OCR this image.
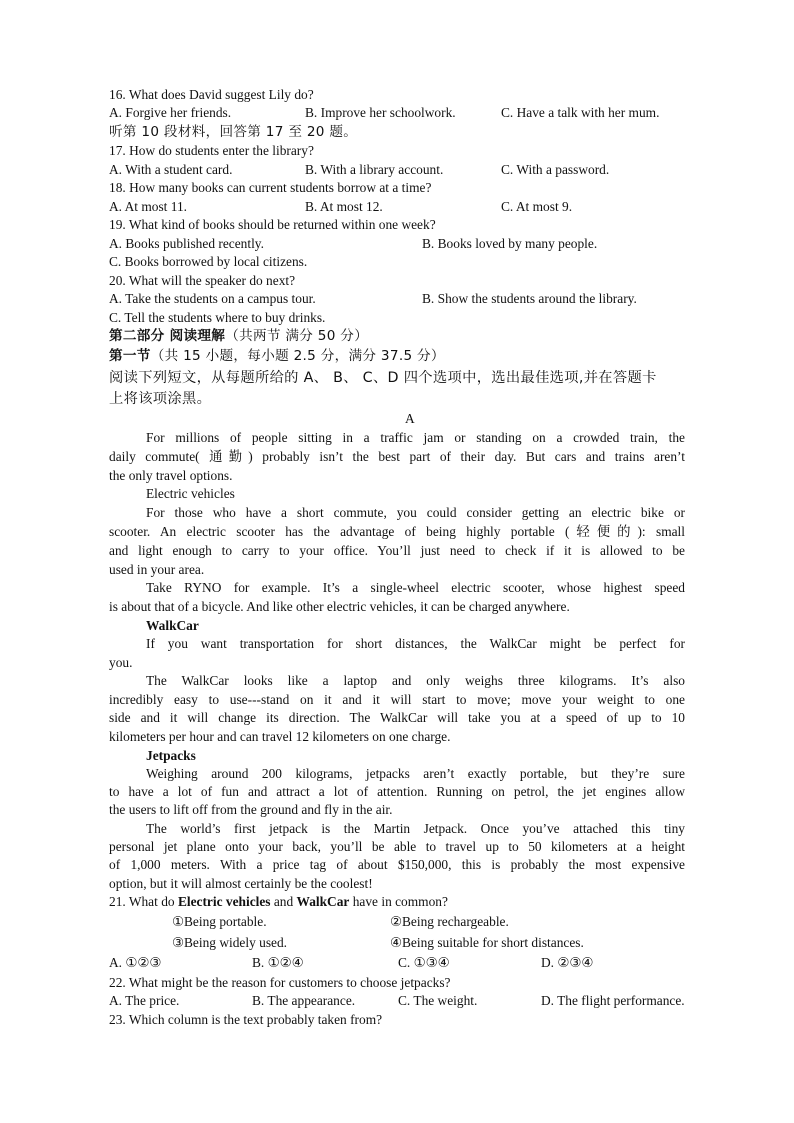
16. What does David suggest Lily do?
A. Forgive her friends.	B. Improve her schoolwork.	C. Have a talk with her mum.
听第 10 段材料，回答第 17 至 20 题。
17. How do students enter the library?
A. With a student card.	B. With a library account.	C. With a password.
18. How many books can current students borrow at a time?
A. At most 11.	B. At most 12.	C. At most 9.
19. What kind of books should be returned within one week?
A. Books published recently.	B. Books loved by many people.
C. Books borrowed by local citizens.
20. What will the speaker do next?
A. Take the students on a campus tour.	B. Show the students around the library.
C. Tell the students where to buy drinks.
第二部分 阅读理解（共两节 满分 50 分）
第一节（共 15 小题，每小题 2.5 分，满分 37.5 分）
阅读下列短文，从每题所给的 A、 B、 C、D 四个选项中，选出最佳选项,并在答题卡
上将该项涂黑。
A
For millions of people sitting in a traffic jam or standing on a crowded train, the
daily commute( 通勤) probably isn’t the best part of their day. But cars and trains aren’t
the only travel options.
Electric vehicles
For those who have a short commute, you could consider getting an electric bike or
scooter. An electric scooter has the advantage of being highly portable (轻便的): small
and light enough to carry to your office. You’ll just need to check if it is allowed to be
used in your area.
Take RYNO for example. It’s a single-wheel electric scooter, whose highest speed
is about that of a bicycle. And like other electric vehicles, it can be charged anywhere.
WalkCar
If you want transportation for short distances, the WalkCar might be perfect for
you.
The WalkCar looks like a laptop and only weighs three kilograms. It’s also
incredibly easy to use---stand on it and it will start to move; move your weight to one
side and it will change its direction. The WalkCar will take you at a speed of up to 10
kilometers per hour and can travel 12 kilometers on one charge.
Jetpacks
Weighing around 200 kilograms, jetpacks aren’t exactly portable, but they’re sure
to have a lot of fun and attract a lot of attention. Running on petrol, the jet engines allow
the users to lift off from the ground and fly in the air.
The world’s first jetpack is the Martin Jetpack. Once you’ve attached this tiny
personal jet plane onto your back, you’ll be able to travel up to 50 kilometers at a height
of 1,000 meters. With a price tag of about $150,000, this is probably the most expensive
option, but it will almost certainly be the coolest!
21. What do Electric vehicles and WalkCar have in common?
①Being portable.	②Being rechargeable.
③Being widely used.	④Being suitable for short distances.
A. ①②③	B. ①②④	C. ①③④	D. ②③④
22. What might be the reason for customers to choose jetpacks?
A. The price.	B. The appearance.	C. The weight.	D. The flight performance.
23. Which column is the text probably taken from?
